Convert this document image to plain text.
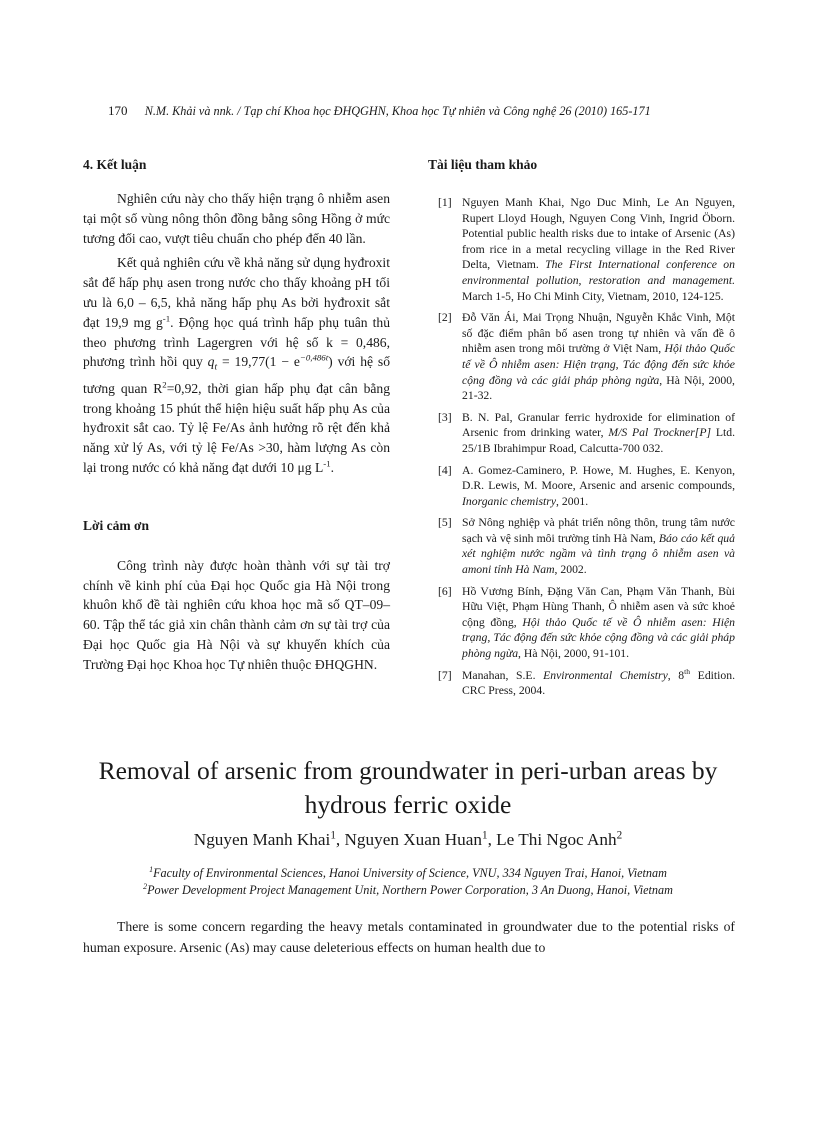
170 N.M. Khải và nnk. / Tạp chí Khoa học ĐHQGHN, Khoa học Tự nhiên và Công nghệ 26 (2010) 165-171
4. Kết luận

Nghiên cứu này cho thấy hiện trạng ô nhiễm asen tại một số vùng nông thôn đồng bằng sông Hồng ở mức tương đối cao, vượt tiêu chuẩn cho phép đến 40 lần.

Kết quả nghiên cứu về khả năng sử dụng hyđroxit sắt để hấp phụ asen trong nước cho thấy khoảng pH tối ưu là 6,0 – 6,5, khả năng hấp phụ As bởi hyđroxit sắt đạt 19,9 mg $g^{-1}$. Động học quá trình hấp phụ tuân thủ theo phương trình Lagergren với hệ số k = 0,486, phương trình hồi quy $q_t = 19,77(1 - e^{-0,486t})$ với hệ số tương quan $R^2=0,92$, thời gian hấp phụ đạt cân bằng trong khoảng 15 phút thể hiện hiệu suất hấp phụ As của hyđroxit sắt cao. Tỷ lệ Fe/As ảnh hưởng rõ rệt đến khả năng xử lý As, với tỷ lệ Fe/As >30, hàm lượng As còn lại trong nước có khả năng đạt dưới 10 μg $L^{-1}$.

Lời cảm ơn

Công trình này được hoàn thành với sự tài trợ chính về kinh phí của Đại học Quốc gia Hà Nội trong khuôn khổ đề tài nghiên cứu khoa học mã số QT–09–60. Tập thể tác giả xin chân thành cảm ơn sự tài trợ của Đại học Quốc gia Hà Nội và sự khuyến khích của Trường Đại học Khoa học Tự nhiên thuộc ĐHQGHN.

Tài liệu tham khảo
[1] Nguyen Manh Khai, Ngo Duc Minh, Le An Nguyen, Rupert Lloyd Hough, Nguyen Cong Vinh, Ingrid Öborn. Potential public health risks due to intake of Arsenic (As) from rice in a metal recycling village in the Red River Delta, Vietnam. The First International conference on environmental pollution, restoration and management. March 1-5, Ho Chi Minh City, Vietnam, 2010, 124-125.
[2] Đỗ Văn Ái, Mai Trọng Nhuận, Nguyễn Khắc Vinh, Một số đặc điểm phân bố asen trong tự nhiên và vấn đề ô nhiễm asen trong môi trường ở Việt Nam, Hội thảo Quốc tế về Ô nhiễm asen: Hiện trạng, Tác động đến sức khỏe cộng đồng và các giải pháp phòng ngừa, Hà Nội, 2000, 21-32.
[3] B. N. Pal, Granular ferric hydroxide for elimination of Arsenic from drinking water, M/S Pal Trockner[P] Ltd. 25/1B Ibrahimpur Road, Calcutta-700 032.
[4] A. Gomez-Caminero, P. Howe, M. Hughes, E. Kenyon, D.R. Lewis, M. Moore, Arsenic and arsenic compounds, Inorganic chemistry, 2001.
[5] Sở Nông nghiệp và phát triển nông thôn, trung tâm nước sạch và vệ sinh môi trường tỉnh Hà Nam, Báo cáo kết quả xét nghiệm nước ngầm và tình trạng ô nhiễm asen và amoni tỉnh Hà Nam, 2002.
[6] Hồ Vương Bính, Đặng Văn Can, Phạm Văn Thanh, Bùi Hữu Việt, Phạm Hùng Thanh, Ô nhiễm asen và sức khoẻ cộng đồng, Hội thảo Quốc tế về Ô nhiễm asen: Hiện trạng, Tác động đến sức khỏe cộng đồng và các giải pháp phòng ngừa, Hà Nội, 2000, 91-101.
[7] Manahan, S.E. Environmental Chemistry, 8th Edition. CRC Press, 2004.
Removal of arsenic from groundwater in peri-urban areas by hydrous ferric oxide
Nguyen Manh Khai$^1$, Nguyen Xuan Huan$^1$, Le Thi Ngoc Anh$^2$
$^1$Faculty of Environmental Sciences, Hanoi University of Science, VNU, 334 Nguyen Trai, Hanoi, Vietnam
$^2$Power Development Project Management Unit, Northern Power Corporation, 3 An Duong, Hanoi, Vietnam
There is some concern regarding the heavy metals contaminated in groundwater due to the potential risks of human exposure. Arsenic (As) may cause deleterious effects on human health due to
